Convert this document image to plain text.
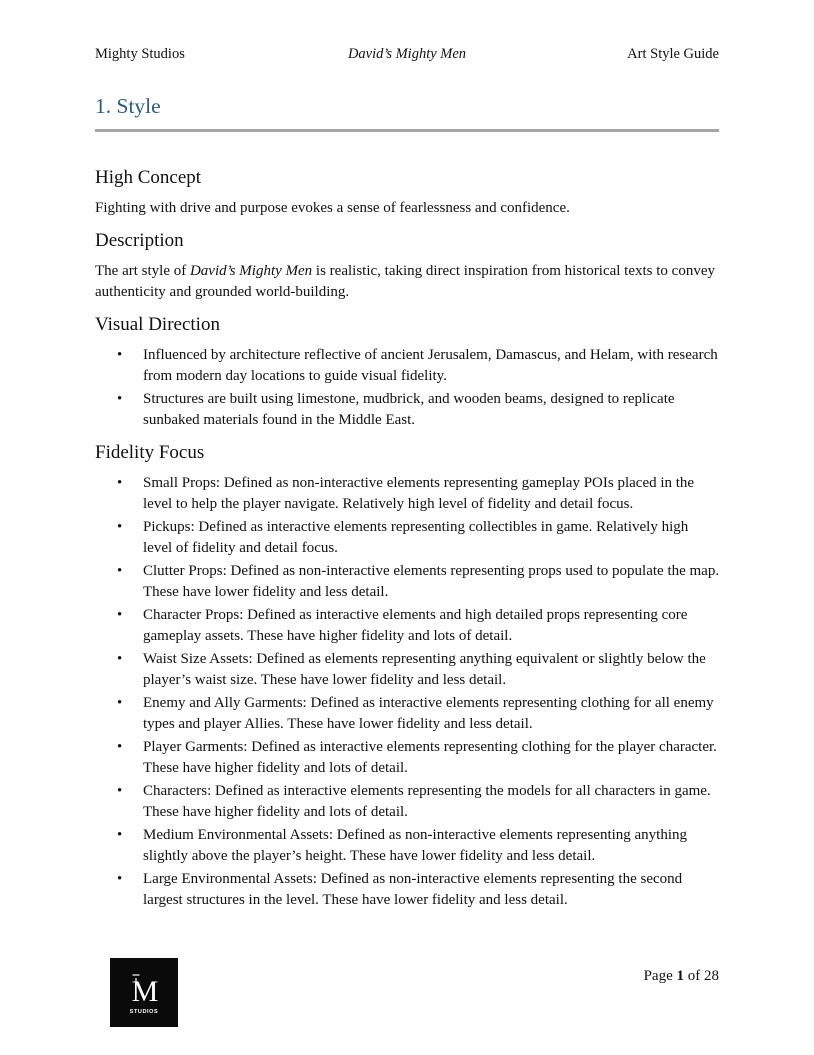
Mighty Studios	David’s Mighty Men	Art Style Guide
1. Style
High Concept

Fighting with drive and purpose evokes a sense of fearlessness and confidence.

Description

The art style of David’s Mighty Men is realistic, taking direct inspiration from historical texts to convey authenticity and grounded world-building.

Visual Direction
• Influenced by architecture reflective of ancient Jerusalem, Damascus, and Helam, with research from modern day locations to guide visual fidelity.
• Structures are built using limestone, mudbrick, and wooden beams, designed to replicate sunbaked materials found in the Middle East.
Fidelity Focus
• Small Props: Defined as non-interactive elements representing gameplay POIs placed in the level to help the player navigate. Relatively high level of fidelity and detail focus.
• Pickups: Defined as interactive elements representing collectibles in game. Relatively high level of fidelity and detail focus.
• Clutter Props: Defined as non-interactive elements representing props used to populate the map. These have lower fidelity and less detail.
• Character Props: Defined as interactive elements and high detailed props representing core gameplay assets. These have higher fidelity and lots of detail.
• Waist Size Assets: Defined as elements representing anything equivalent or slightly below the player’s waist size. These have lower fidelity and less detail.
• Enemy and Ally Garments: Defined as interactive elements representing clothing for all enemy types and player Allies. These have lower fidelity and less detail.
• Player Garments: Defined as interactive elements representing clothing for the player character. These have higher fidelity and lots of detail.
• Characters: Defined as interactive elements representing the models for all characters in game. These have higher fidelity and lots of detail.
• Medium Environmental Assets: Defined as non-interactive elements representing anything slightly above the player’s height. These have lower fidelity and less detail.
• Large Environmental Assets: Defined as non-interactive elements representing the second largest structures in the level. These have lower fidelity and less detail.
M
STUDIOS
Page 1 of 28
